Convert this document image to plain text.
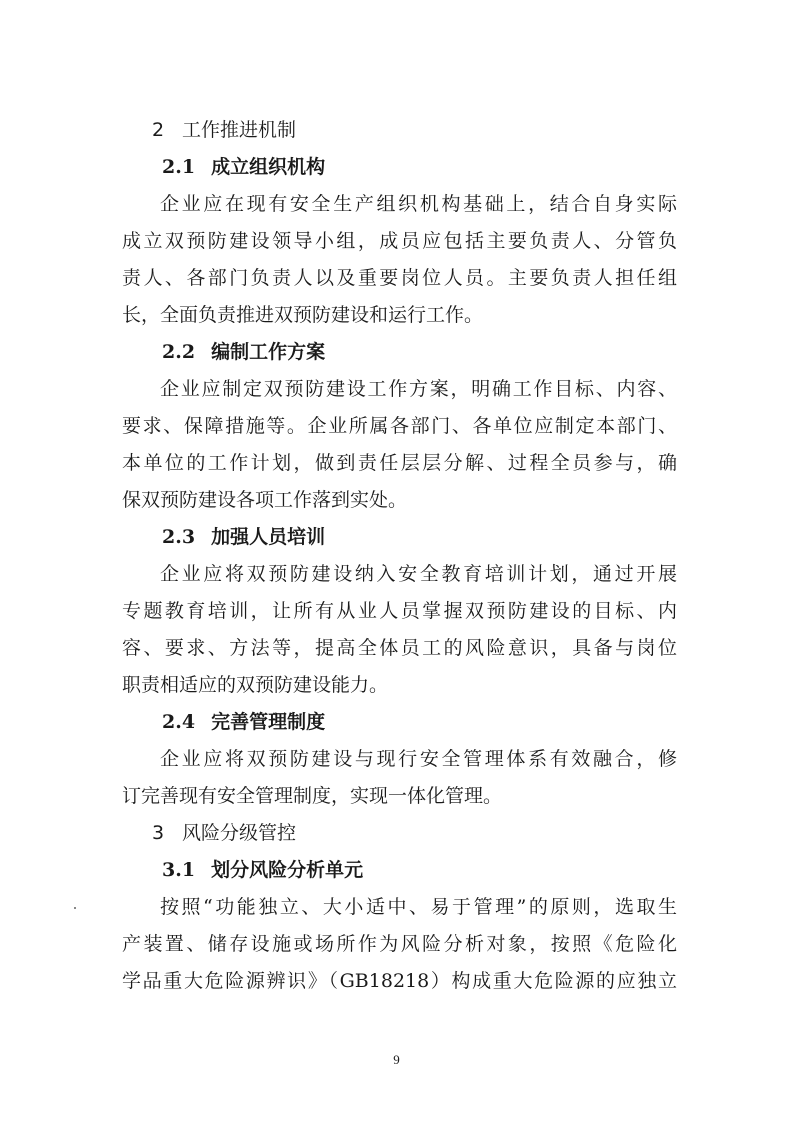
2 工作推进机制
2.1 成立组织机构
企业应在现有安全生产组织机构基础上，结合自身实际
成立双预防建设领导小组，成员应包括主要负责人、分管负
责人、各部门负责人以及重要岗位人员。主要负责人担任组
长，全面负责推进双预防建设和运行工作。
2.2 编制工作方案
企业应制定双预防建设工作方案，明确工作目标、内容、
要求、保障措施等。企业所属各部门、各单位应制定本部门、
本单位的工作计划，做到责任层层分解、过程全员参与，确
保双预防建设各项工作落到实处。
2.3 加强人员培训
企业应将双预防建设纳入安全教育培训计划，通过开展
专题教育培训，让所有从业人员掌握双预防建设的目标、内
容、要求、方法等，提高全体员工的风险意识，具备与岗位
职责相适应的双预防建设能力。
2.4 完善管理制度
企业应将双预防建设与现行安全管理体系有效融合，修
订完善现有安全管理制度，实现一体化管理。
3 风险分级管控
3.1 划分风险分析单元
按照“功能独立、大小适中、易于管理”的原则，选取生
产装置、储存设施或场所作为风险分析对象，按照《危险化
学品重大危险源辨识》（GB18218）构成重大危险源的应独立
9
